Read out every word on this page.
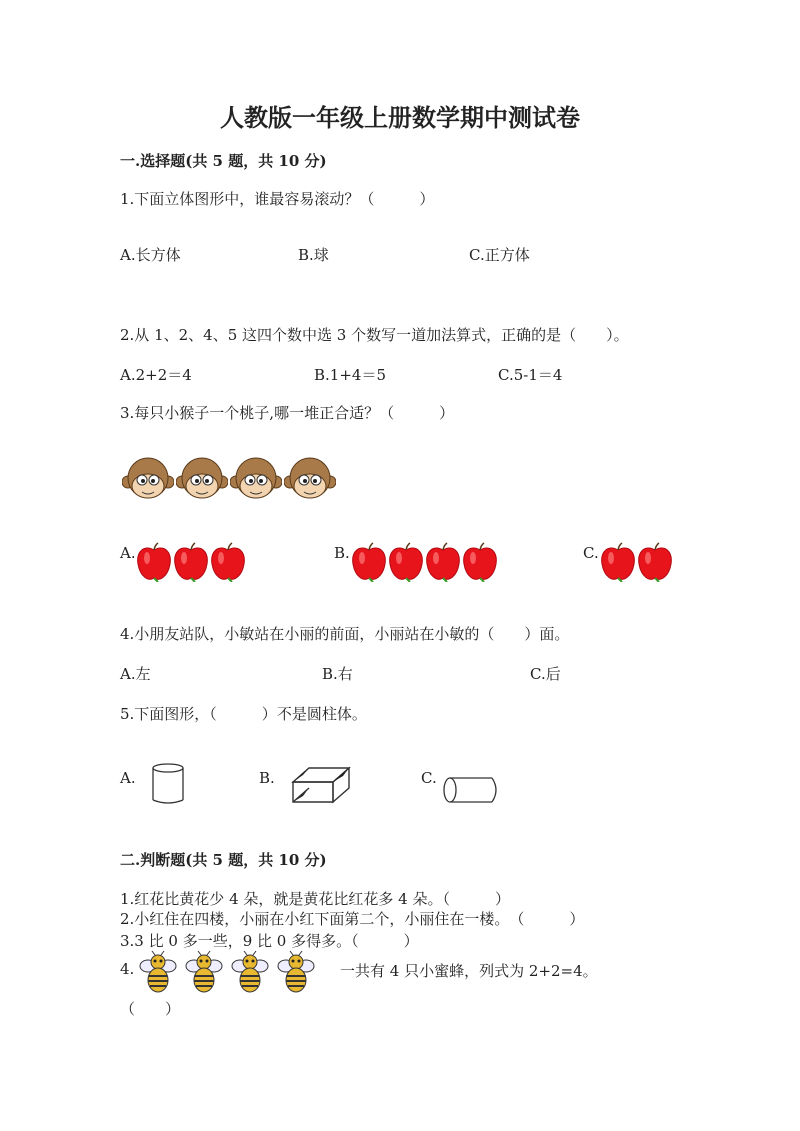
人教版一年级上册数学期中测试卷
一.选择题(共 5 题，共 10 分)
1.下面立体图形中，谁最容易滚动？（　　　）
A.长方体	B.球	C.正方体
2.从 1、2、4、5 这四个数中选 3 个数写一道加法算式，正确的是（　　）。
A.2+2＝4	B.1+4＝5	C.5-1＝4
3.每只小猴子一个桃子,哪一堆正合适？（　　　）
A.	B.	C.
4.小朋友站队，小敏站在小丽的前面，小丽站在小敏的（　　）面。
A.左	B.右	C.后
5.下面图形，（　　　）不是圆柱体。
A.	B.	C.
二.判断题(共 5 题，共 10 分)
1.红花比黄花少 4 朵，就是黄花比红花多 4 朵。（　　　）
2.小红住在四楼，小丽在小红下面第二个，小丽住在一楼。　（　　　）
3.3 比 0 多一些，9 比 0 多得多。（　　　）
4.	一共有 4 只小蜜蜂，列式为 2+2=4。
（　　）
